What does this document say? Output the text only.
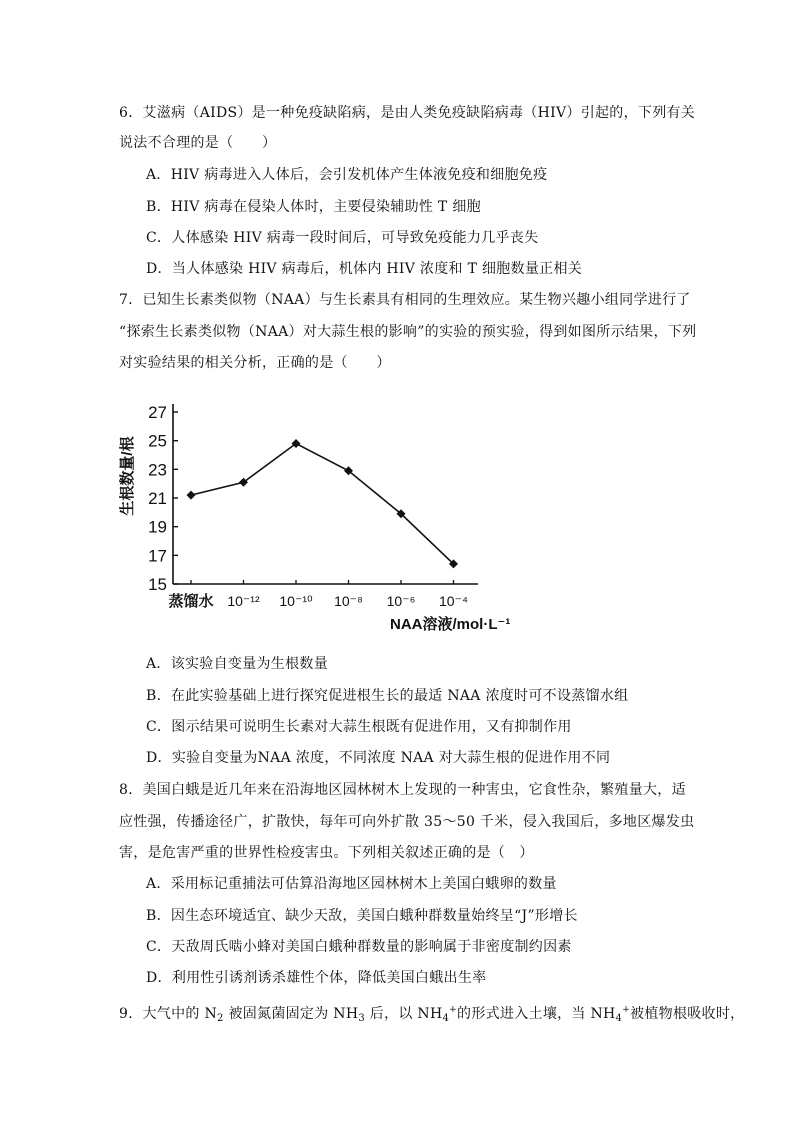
6．艾滋病（AIDS）是一种免疫缺陷病，是由人类免疫缺陷病毒（HIV）引起的，下列有关
说法不合理的是（　　）
A．HIV 病毒进入人体后，会引发机体产生体液免疫和细胞免疫
B．HIV 病毒在侵染人体时，主要侵染辅助性 T 细胞
C．人体感染 HIV 病毒一段时间后，可导致免疫能力几乎丧失
D．当人体感染 HIV 病毒后，机体内 HIV 浓度和 T 细胞数量正相关
7．已知生长素类似物（NAA）与生长素具有相同的生理效应。某生物兴趣小组同学进行了
“探索生长素类似物（NAA）对大蒜生根的影响”的实验的预实验，得到如图所示结果，下列
对实验结果的相关分析，正确的是（　　）
15
17
19
21
23
25
27
蒸馏水 10⁻¹² 10⁻¹⁰ 10⁻⁸ 10⁻⁶ 10⁻⁴
生根数量/根
NAA溶液/mol·L⁻¹
A．该实验自变量为生根数量
B．在此实验基础上进行探究促进根生长的最适 NAA 浓度时可不设蒸馏水组
C．图示结果可说明生长素对大蒜生根既有促进作用，又有抑制作用
D．实验自变量为NAA 浓度，不同浓度 NAA 对大蒜生根的促进作用不同
8．美国白蛾是近几年来在沿海地区园林树木上发现的一种害虫，它食性杂，繁殖量大，适
应性强，传播途径广，扩散快，每年可向外扩散 35～50 千米，侵入我国后，多地区爆发虫
害，是危害严重的世界性检疫害虫。下列相关叙述正确的是（　）
A．采用标记重捕法可估算沿海地区园林树木上美国白蛾卵的数量
B．因生态环境适宜、缺少天敌，美国白蛾种群数量始终呈“J”形增长
C．天敌周氏啮小蜂对美国白蛾种群数量的影响属于非密度制约因素
D．利用性引诱剂诱杀雄性个体，降低美国白蛾出生率
9．大气中的 $N_2$ 被固氮菌固定为 $NH_3$ 后，以 $NH_4^+$的形式进入土壤，当 $NH_4^+$被植物根吸收时，
